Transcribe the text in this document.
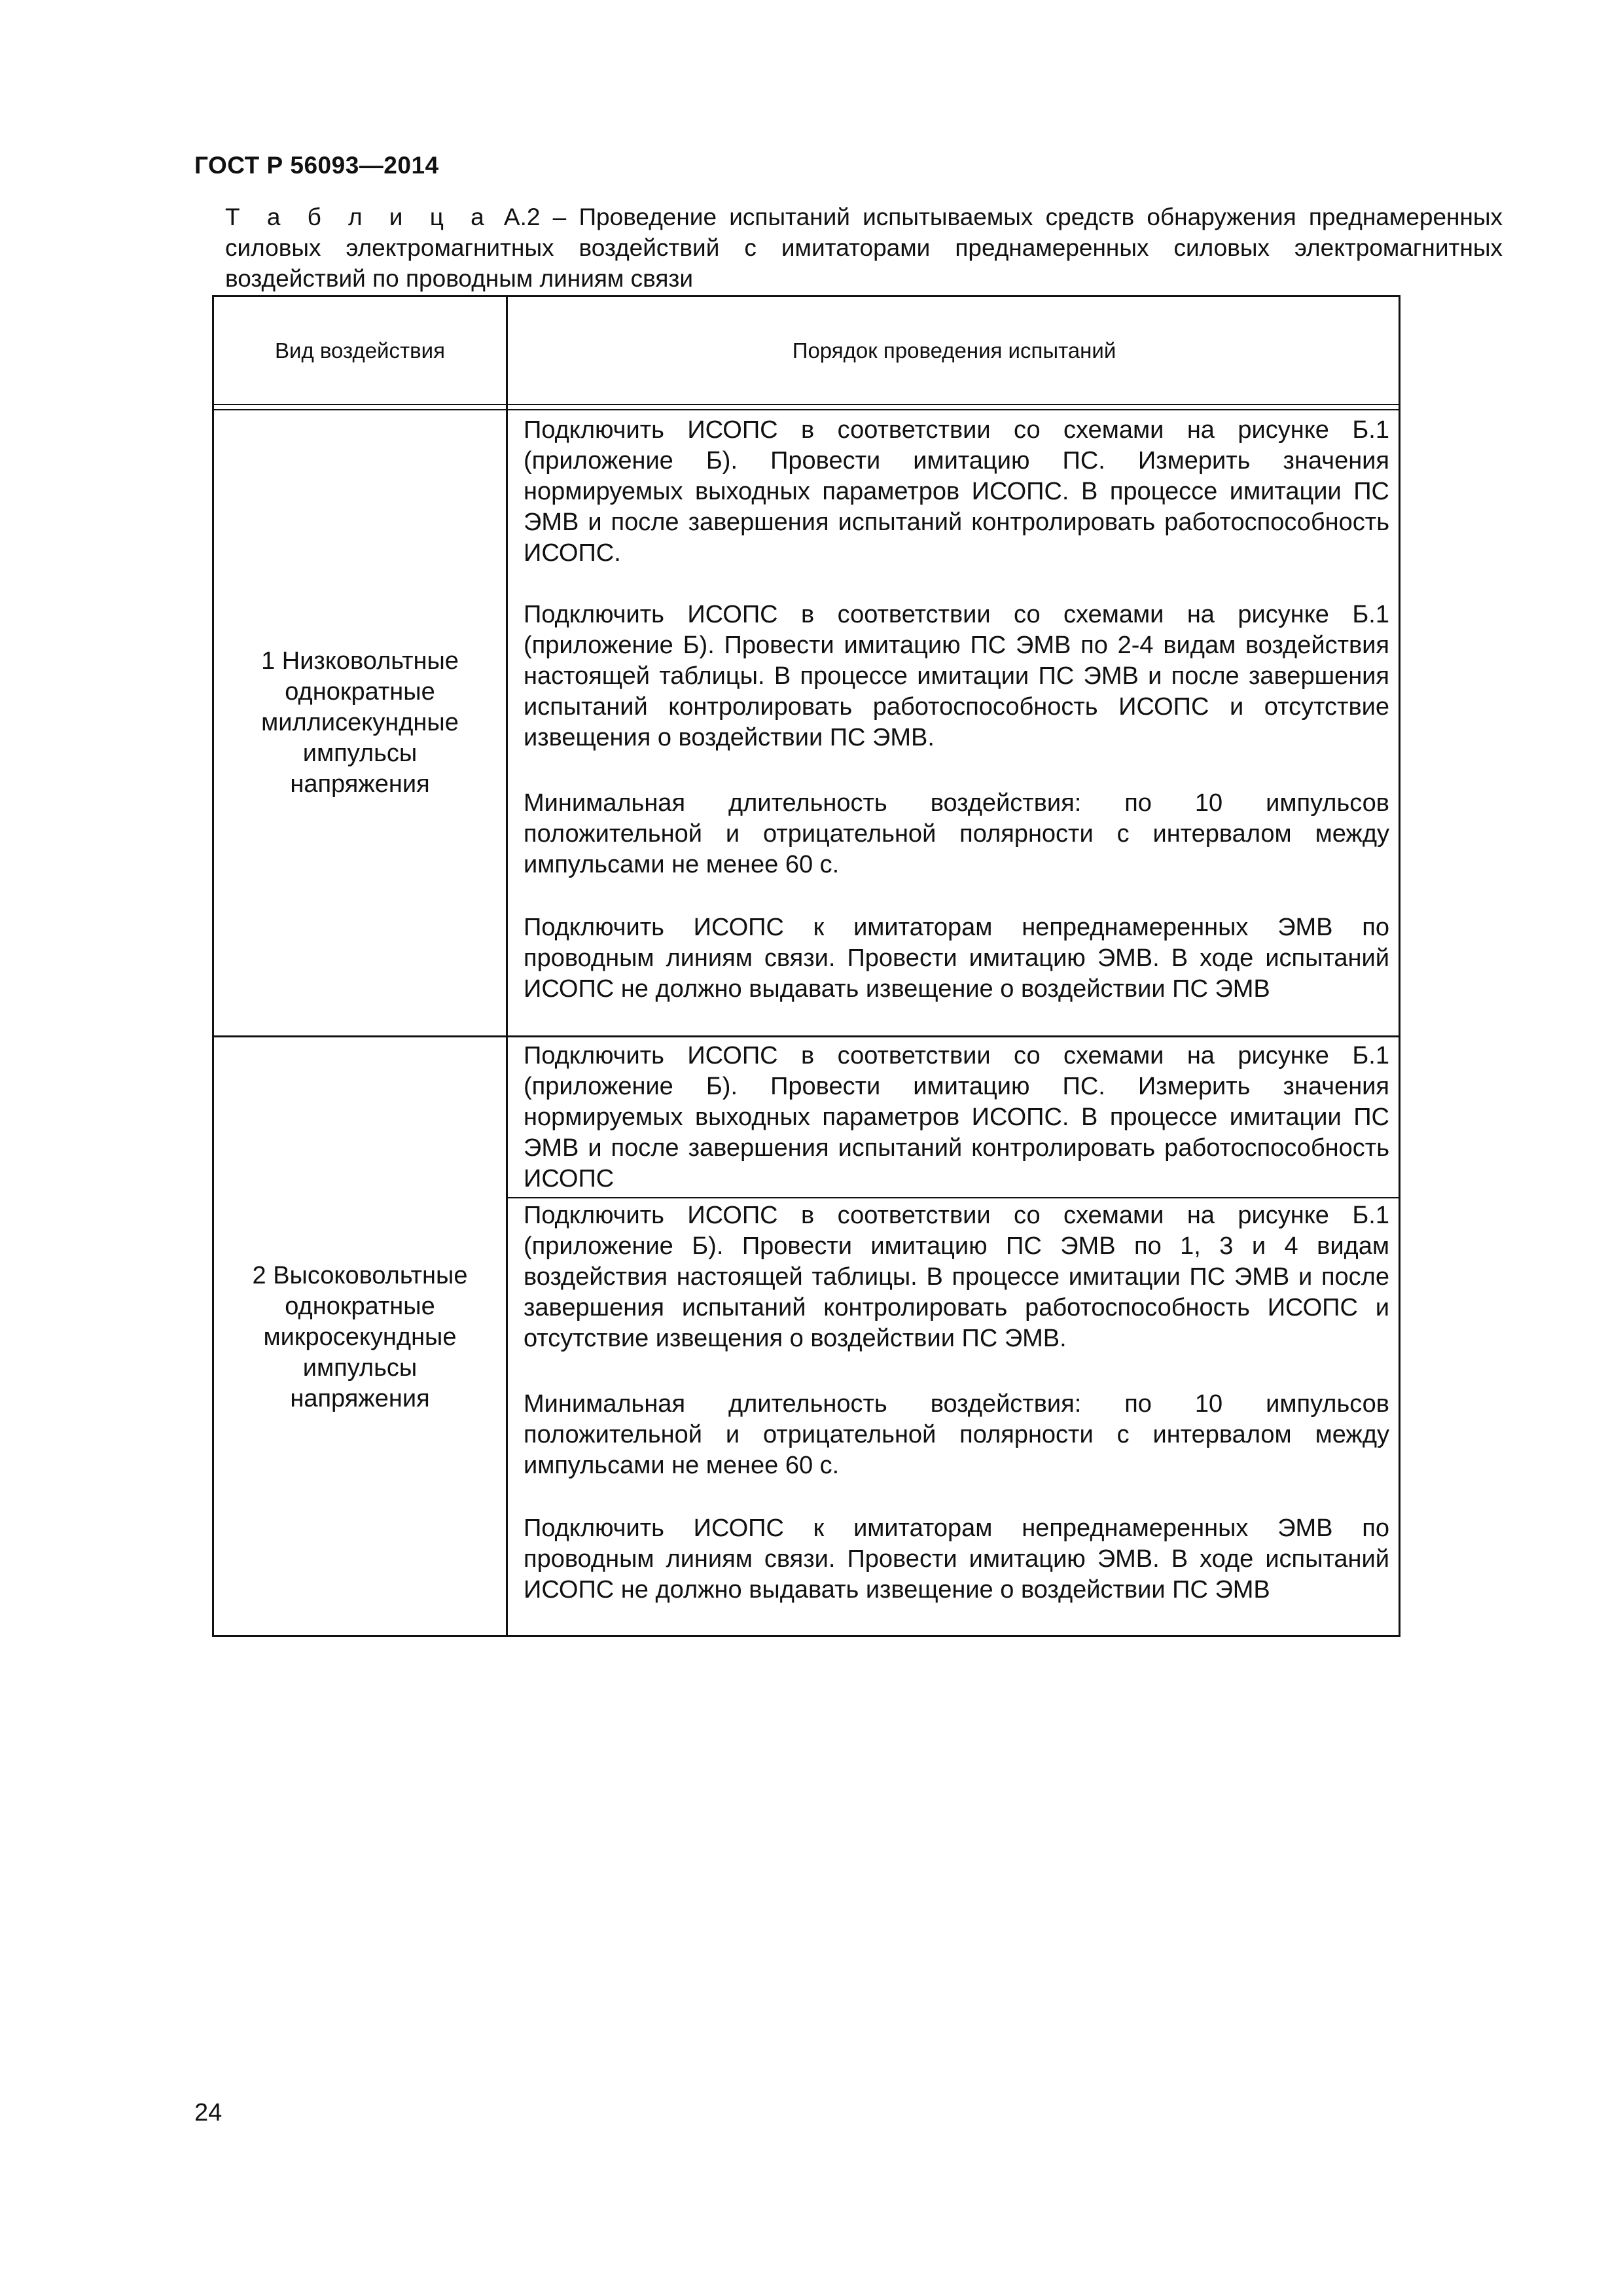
ГОСТ Р 56093—2014
Т а б л и ц а А.2 – Проведение испытаний испытываемых средств обнаружения преднамеренных силовых электромагнитных воздействий с имитаторами преднамеренных силовых электромагнитных воздействий по проводным линиям связи
Вид воздействия	Порядок проведения испытаний
1 Низковольтные
однократные
миллисекундные
импульсы
напряжения
Подключить ИСОПС в соответствии со схемами на рисунке Б.1 (приложение Б). Провести имитацию ПС. Измерить значения нормируемых выходных параметров ИСОПС. В процессе имитации ПС ЭМВ и после завершения испытаний контролировать работоспособность ИСОПС.
Подключить ИСОПС в соответствии со схемами на рисунке Б.1 (приложение Б). Провести имитацию ПС ЭМВ по 2-4 видам воздействия настоящей таблицы. В процессе имитации ПС ЭМВ и после завершения испытаний контролировать работоспособность ИСОПС и отсутствие извещения о воздействии ПС ЭМВ.
Минимальная длительность воздействия: по 10 импульсов положительной и отрицательной полярности с интервалом между импульсами не менее 60 с.
Подключить ИСОПС к имитаторам непреднамеренных ЭМВ по проводным линиям связи. Провести имитацию ЭМВ. В ходе испытаний ИСОПС не должно выдавать извещение о воздействии ПС ЭМВ
2 Высоковольтные
однократные
микросекундные
импульсы
напряжения
Подключить ИСОПС в соответствии со схемами на рисунке Б.1 (приложение Б). Провести имитацию ПС. Измерить значения нормируемых выходных параметров ИСОПС. В процессе имитации ПС ЭМВ и после завершения испытаний контролировать работоспособность ИСОПС
Подключить ИСОПС в соответствии со схемами на рисунке Б.1 (приложение Б). Провести имитацию ПС ЭМВ по 1, 3 и 4 видам воздействия настоящей таблицы. В процессе имитации ПС ЭМВ и после завершения испытаний контролировать работоспособность ИСОПС и отсутствие извещения о воздействии ПС ЭМВ.
Минимальная длительность воздействия: по 10 импульсов положительной и отрицательной полярности с интервалом между импульсами не менее 60 с.
Подключить ИСОПС к имитаторам непреднамеренных ЭМВ по проводным линиям связи. Провести имитацию ЭМВ. В ходе испытаний ИСОПС не должно выдавать извещение о воздействии ПС ЭМВ
24
